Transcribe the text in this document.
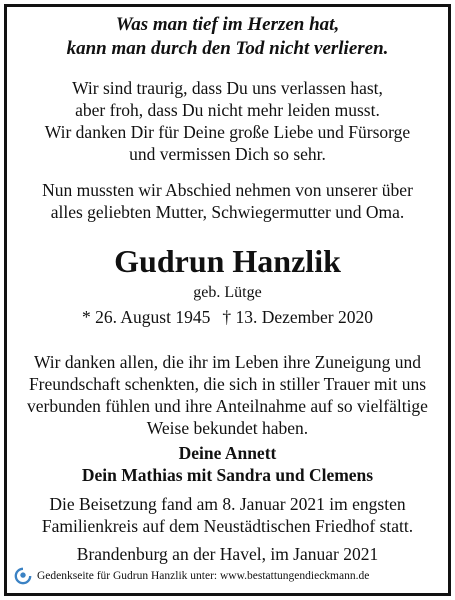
Was man tief im Herzen hat,
kann man durch den Tod nicht verlieren.
Wir sind traurig, dass Du uns verlassen hast,
aber froh, dass Du nicht mehr leiden musst.
Wir danken Dir für Deine große Liebe und Fürsorge
und vermissen Dich so sehr.
Nun mussten wir Abschied nehmen von unserer über
alles geliebten Mutter, Schwiegermutter und Oma.
Gudrun Hanzlik
geb. Lütge
* 26. August 1945 † 13. Dezember 2020
Wir danken allen, die ihr im Leben ihre Zuneigung und
Freundschaft schenkten, die sich in stiller Trauer mit uns
verbunden fühlen und ihre Anteilnahme auf so vielfältige
Weise bekundet haben.
Deine Annett
Dein Mathias mit Sandra und Clemens
Die Beisetzung fand am 8. Januar 2021 im engsten
Familienkreis auf dem Neustädtischen Friedhof statt.
Brandenburg an der Havel, im Januar 2021
Gedenkseite für Gudrun Hanzlik unter: www.bestattungendieckmann.de
